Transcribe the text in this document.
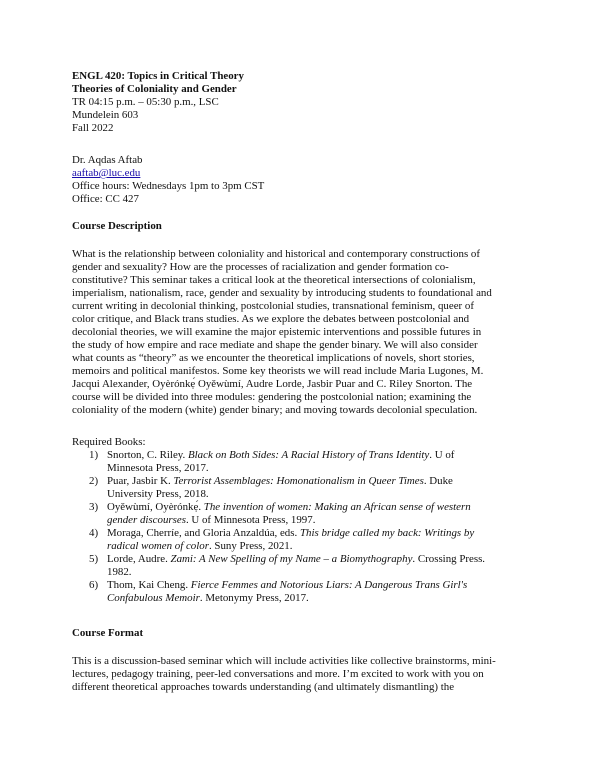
ENGL 420: Topics in Critical Theory
Theories of Coloniality and Gender
TR 04:15 p.m. – 05:30 p.m., LSC
Mundelein 603
Fall 2022
Dr. Aqdas Aftab
aaftab@luc.edu
Office hours: Wednesdays 1pm to 3pm CST
Office: CC 427
Course Description
What is the relationship between coloniality and historical and contemporary constructions of
gender and sexuality? How are the processes of racialization and gender formation co-
constitutive? This seminar takes a critical look at the theoretical intersections of colonialism,
imperialism, nationalism, race, gender and sexuality by introducing students to foundational and
current writing in decolonial thinking, postcolonial studies, transnational feminism, queer of
color critique, and Black trans studies. As we explore the debates between postcolonial and
decolonial theories, we will examine the major epistemic interventions and possible futures in
the study of how empire and race mediate and shape the gender binary. We will also consider
what counts as “theory” as we encounter the theoretical implications of novels, short stories,
memoirs and political manifestos. Some key theorists we will read include Maria Lugones, M.
Jacqui Alexander, Oyèrónkẹ́ Oyěwùmí, Audre Lorde, Jasbir Puar and C. Riley Snorton. The
course will be divided into three modules: gendering the postcolonial nation; examining the
coloniality of the modern (white) gender binary; and moving towards decolonial speculation.
Required Books:
1) Snorton, C. Riley. Black on Both Sides: A Racial History of Trans Identity. U of
Minnesota Press, 2017.
2) Puar, Jasbir K. Terrorist Assemblages: Homonationalism in Queer Times. Duke
University Press, 2018.
3) Oyěwùmí, Oyèrónkẹ́. The invention of women: Making an African sense of western
gender discourses. U of Minnesota Press, 1997.
4) Moraga, Cherríe, and Gloria Anzaldúa, eds. This bridge called my back: Writings by
radical women of color. Suny Press, 2021.
5) Lorde, Audre. Zami: A New Spelling of my Name – a Biomythography. Crossing Press.
1982.
6) Thom, Kai Cheng. Fierce Femmes and Notorious Liars: A Dangerous Trans Girl's
Confabulous Memoir. Metonymy Press, 2017.
Course Format
This is a discussion-based seminar which will include activities like collective brainstorms, mini-
lectures, pedagogy training, peer-led conversations and more. I’m excited to work with you on
different theoretical approaches towards understanding (and ultimately dismantling) the
